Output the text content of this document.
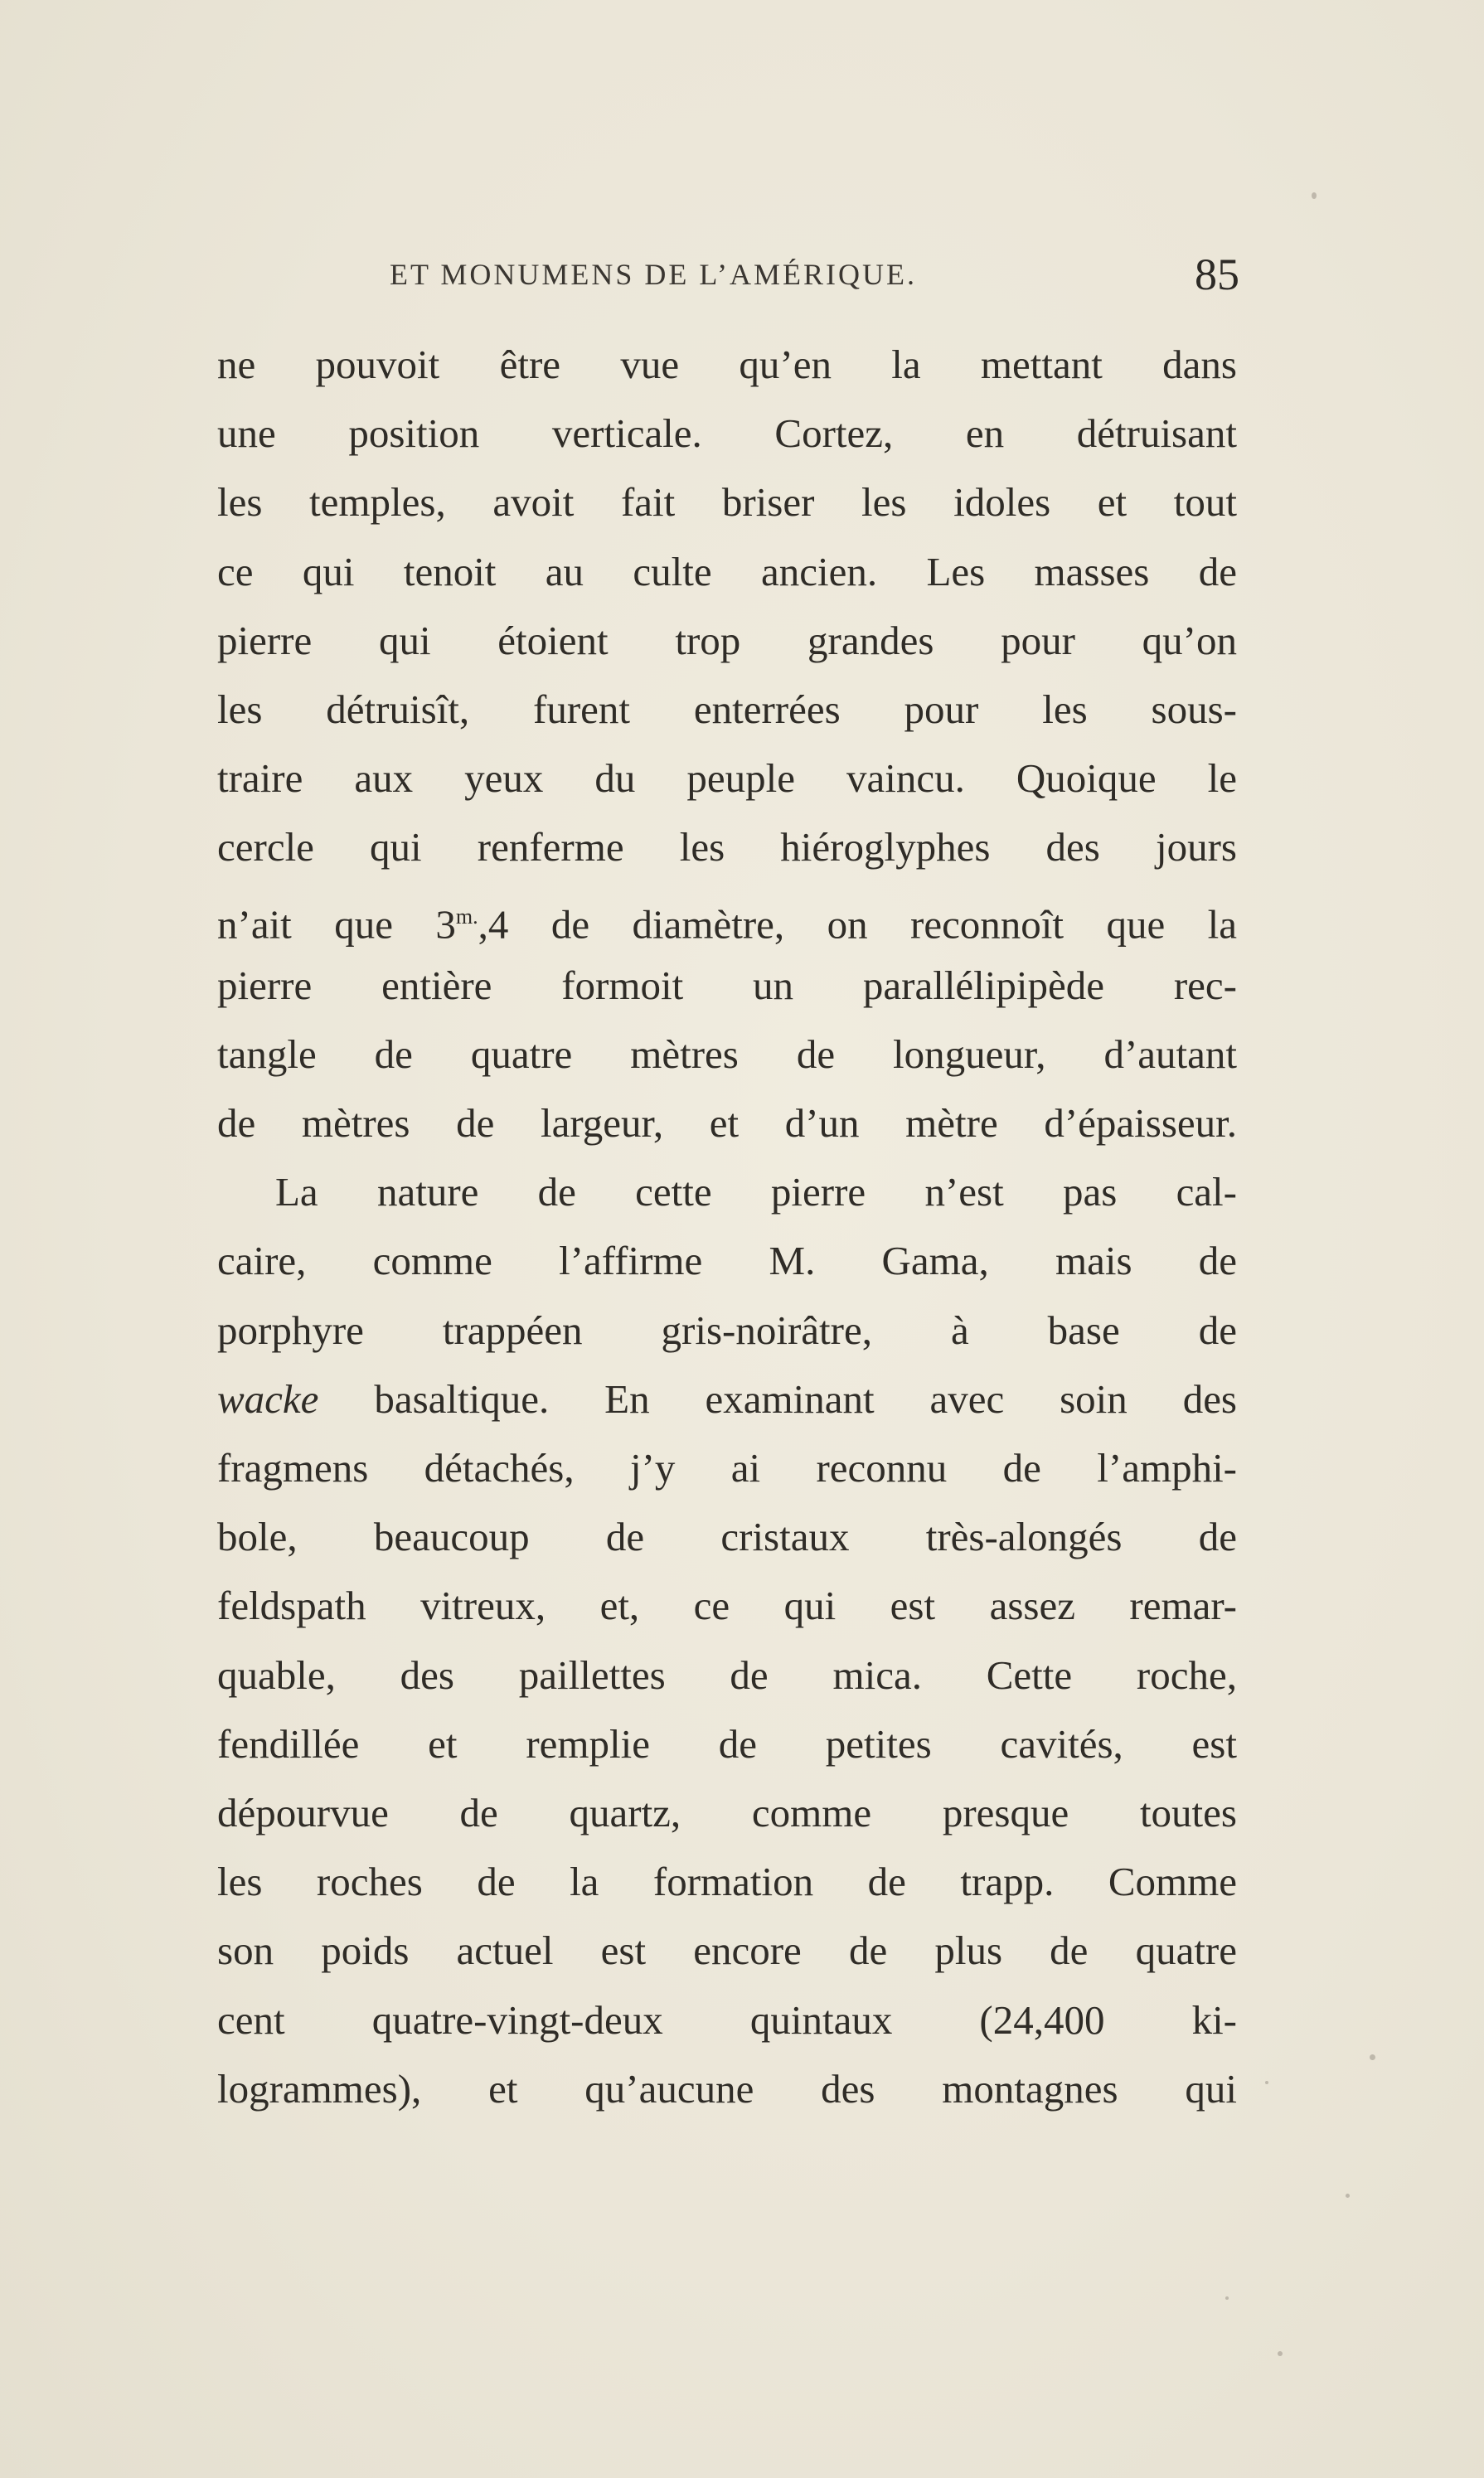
ET MONUMENS DE L’AMÉRIQUE.	85
ne pouvoit être vue qu’en la mettant dans
une position verticale. Cortez, en détruisant
les temples, avoit fait briser les idoles et tout
ce qui tenoit au culte ancien. Les masses de
pierre qui étoient trop grandes pour qu’on
les détruisît, furent enterrées pour les sous-
traire aux yeux du peuple vaincu. Quoique le
cercle qui renferme les hiéroglyphes des jours
n’ait que $3^{m.},4$ de diamètre, on reconnoît que la
pierre entière formoit un parallélipipède rec-
tangle de quatre mètres de longueur, d’autant
de mètres de largeur, et d’un mètre d’épaisseur.
La nature de cette pierre n’est pas cal-
caire, comme l’affirme M. Gama, mais de
porphyre trappéen gris-noirâtre, à base de
wacke basaltique. En examinant avec soin des
fragmens détachés, j’y ai reconnu de l’amphi-
bole, beaucoup de cristaux très-alongés de
feldspath vitreux, et, ce qui est assez remar-
quable, des paillettes de mica. Cette roche,
fendillée et remplie de petites cavités, est
dépourvue de quartz, comme presque toutes
les roches de la formation de trapp. Comme
son poids actuel est encore de plus de quatre
cent quatre-vingt-deux quintaux (24,400 ki-
logrammes), et qu’aucune des montagnes qui
